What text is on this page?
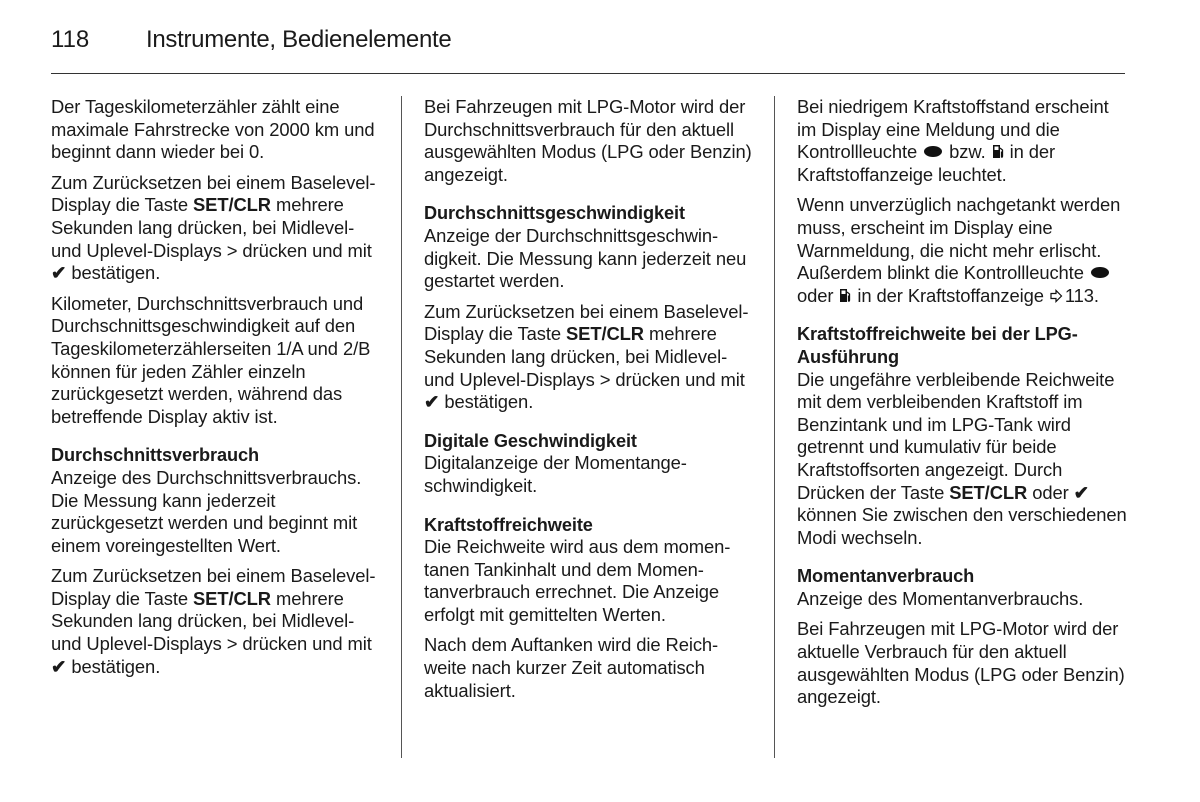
118 Instrumente, Bedienelemente

Der Tageskilometerzähler zählt eine maximale Fahrstrecke von 2000 km und beginnt dann wieder bei 0.

Zum Zurücksetzen bei einem Baselevel-Display die Taste SET/CLR mehrere Sekunden lang drücken, bei Midlevel- und Uplevel-Displays > drücken und mit ✔ bestätigen.

Kilometer, Durchschnittsverbrauch und Durchschnittsgeschwindigkeit auf den Tageskilometerzählerseiten 1/A und 2/B können für jeden Zähler einzeln zurückgesetzt werden, während das betreffende Display aktiv ist.

Durchschnittsverbrauch

Anzeige des Durchschnittsverbrauchs. Die Messung kann jederzeit zurückgesetzt werden und beginnt mit einem voreingestellten Wert.

Zum Zurücksetzen bei einem Baselevel-Display die Taste SET/CLR mehrere Sekunden lang drücken, bei Midlevel- und Uplevel-Displays > drücken und mit ✔ bestätigen.

Bei Fahrzeugen mit LPG-Motor wird der Durchschnittsverbrauch für den aktuell ausgewählten Modus (LPG oder Benzin) angezeigt.

Durchschnittsgeschwindigkeit

Anzeige der Durchschnittsgeschwindigkeit. Die Messung kann jederzeit neu gestartet werden.

Zum Zurücksetzen bei einem Baselevel-Display die Taste SET/CLR mehrere Sekunden lang drücken, bei Midlevel- und Uplevel-Displays > drücken und mit ✔ bestätigen.

Digitale Geschwindigkeit

Digitalanzeige der Momentangeschwindigkeit.

Kraftstoffreichweite

Die Reichweite wird aus dem momentanen Tankinhalt und dem Momentanverbrauch errechnet. Die Anzeige erfolgt mit gemittelten Werten.

Nach dem Auftanken wird die Reichweite nach kurzer Zeit automatisch aktualisiert.

Bei niedrigem Kraftstoffstand erscheint im Display eine Meldung und die Kontrollleuchte  bzw.  in der Kraftstoffanzeige leuchtet.

Wenn unverzüglich nachgetankt werden muss, erscheint im Display eine Warnmeldung, die nicht mehr erlischt. Außerdem blinkt die Kontrollleuchte  oder  in der Kraftstoffanzeige 113.

Kraftstoffreichweite bei der LPG-Ausführung

Die ungefähre verbleibende Reichweite mit dem verbleibenden Kraftstoff im Benzintank und im LPG-Tank wird getrennt und kumulativ für beide Kraftstoffsorten angezeigt. Durch Drücken der Taste SET/CLR oder ✔ können Sie zwischen den verschiedenen Modi wechseln.

Momentanverbrauch

Anzeige des Momentanverbrauchs.

Bei Fahrzeugen mit LPG-Motor wird der aktuelle Verbrauch für den aktuell ausgewählten Modus (LPG oder Benzin) angezeigt.
